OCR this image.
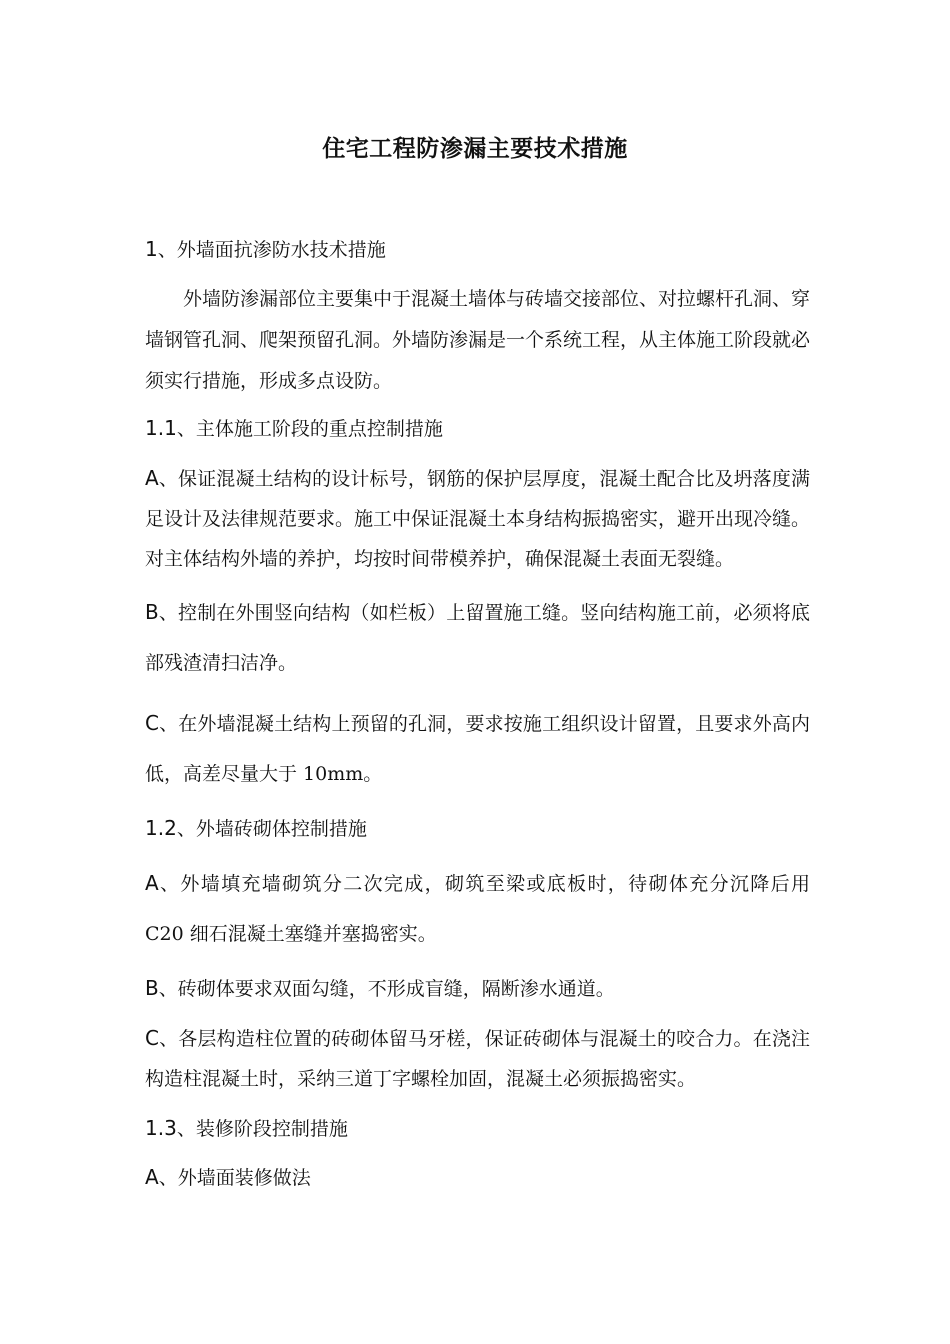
住宅工程防渗漏主要技术措施

1、外墙面抗渗防水技术措施

外墙防渗漏部位主要集中于混凝土墙体与砖墙交接部位、对拉螺杆孔洞、穿墙钢管孔洞、爬架预留孔洞。外墙防渗漏是一个系统工程，从主体施工阶段就必须实行措施，形成多点设防。

1.1、主体施工阶段的重点控制措施

A、保证混凝土结构的设计标号，钢筋的保护层厚度，混凝土配合比及坍落度满足设计及法律规范要求。施工中保证混凝土本身结构振捣密实，避开出现冷缝。对主体结构外墙的养护，均按时间带模养护，确保混凝土表面无裂缝。

B、控制在外围竖向结构（如栏板）上留置施工缝。竖向结构施工前，必须将底部残渣清扫洁净。

C、在外墙混凝土结构上预留的孔洞，要求按施工组织设计留置，且要求外高内低，高差尽量大于 10mm。

1.2、外墙砖砌体控制措施

A、外墙填充墙砌筑分二次完成，砌筑至梁或底板时，待砌体充分沉降后用 C20 细石混凝土塞缝并塞捣密实。

B、砖砌体要求双面勾缝，不形成盲缝，隔断渗水通道。

C、各层构造柱位置的砖砌体留马牙槎，保证砖砌体与混凝土的咬合力。在浇注构造柱混凝土时，采纳三道丁字螺栓加固，混凝土必须振捣密实。

1.3、装修阶段控制措施

A、外墙面装修做法
